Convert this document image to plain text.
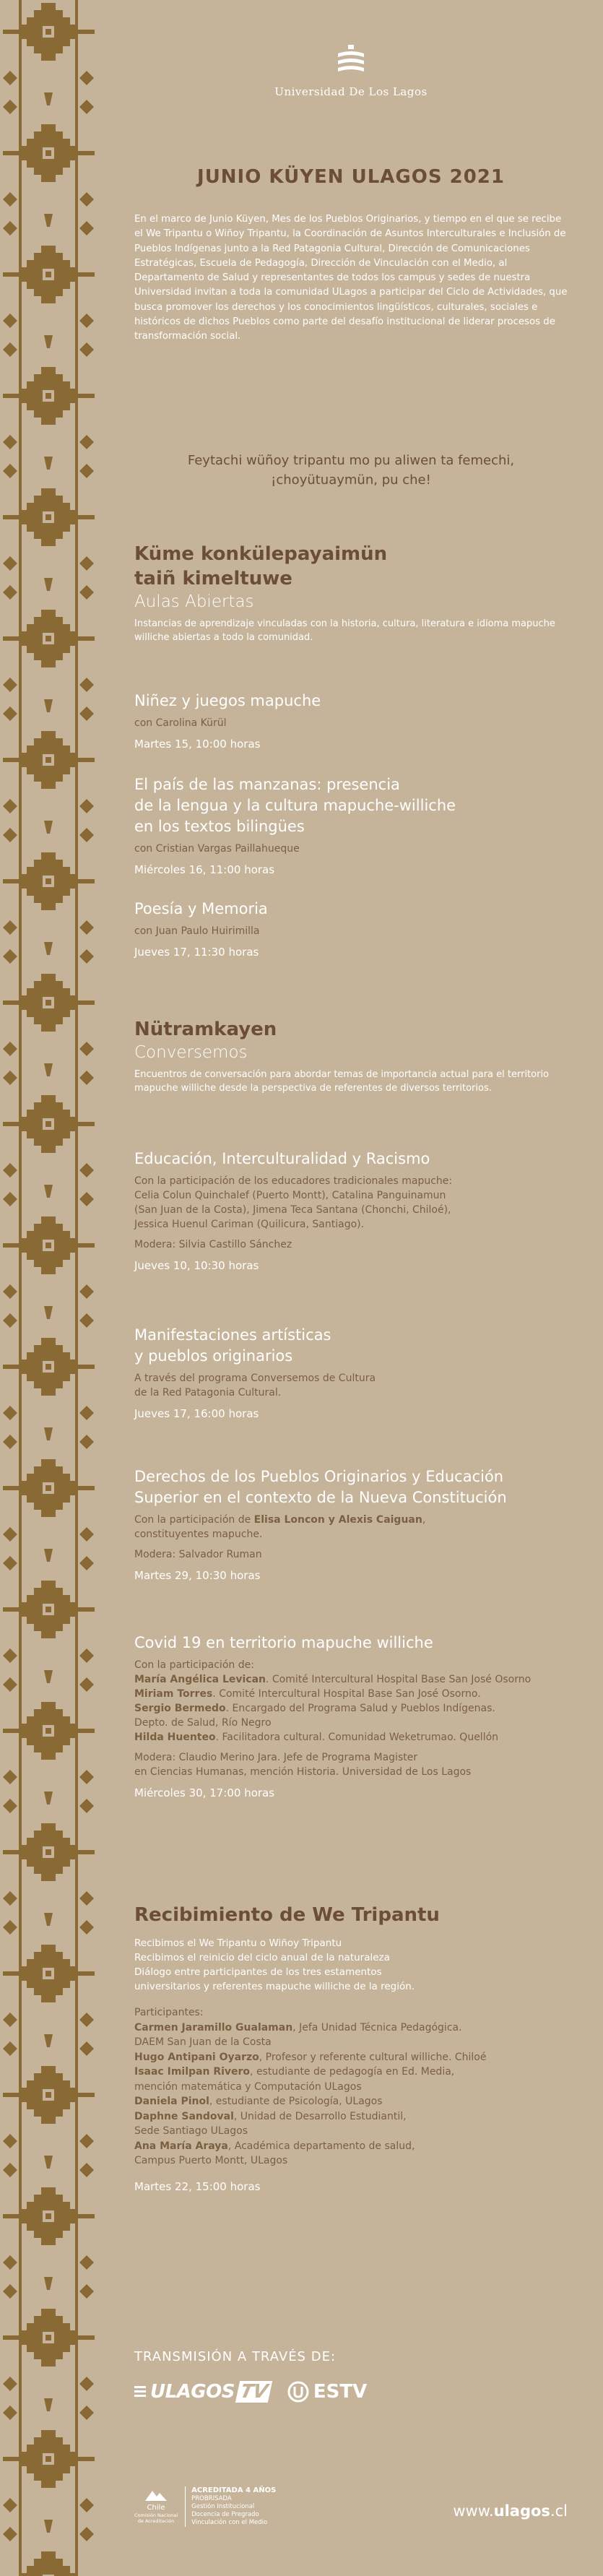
Universidad De Los Lagos
JUNIO KÜYEN ULAGOS 2021
En el marco de Junio Küyen, Mes de los Pueblos Originarios, y tiempo en el que se recibe el We Tripantu o Wiñoy Tripantu, la Coordinación de Asuntos Interculturales e Inclusión de Pueblos Indígenas junto a la Red Patagonia Cultural, Dirección de Comunicaciones Estratégicas, Escuela de Pedagogía, Dirección de Vinculación con el Medio, al Departamento de Salud y representantes de todos los campus y sedes de nuestra Universidad invitan a toda la comunidad ULagos a participar del Ciclo de Actividades, que busca promover los derechos y los conocimientos lingüísticos, culturales, sociales e históricos de dichos Pueblos como parte del desafío institucional de liderar procesos de transformación social.
Feytachi wüñoy tripantu mo pu aliwen ta femechi,
¡choyütuaymün, pu che!
Küme konkülepayaimün
taiñ kimeltuwe
Aulas Abiertas
Instancias de aprendizaje vinculadas con la historia, cultura, literatura e idioma mapuche williche abiertas a todo la comunidad.
Niñez y juegos mapuche
con Carolina Kürül
Martes 15, 10:00 horas
El país de las manzanas: presencia
de la lengua y la cultura mapuche-williche
en los textos bilingües
con Cristian Vargas Paillahueque
Miércoles 16, 11:00 horas
Poesía y Memoria
con Juan Paulo Huirimilla
Jueves 17, 11:30 horas
Nütramkayen
Conversemos
Encuentros de conversación para abordar temas de importancia actual para el territorio mapuche williche desde la perspectiva de referentes de diversos territorios.
Educación, Interculturalidad y Racismo
Con la participación de los educadores tradicionales mapuche:
Celia Colun Quinchalef (Puerto Montt), Catalina Panguinamun
(San Juan de la Costa), Jimena Teca Santana (Chonchi, Chiloé),
Jessica Huenul Cariman (Quilicura, Santiago).
Modera: Silvia Castillo Sánchez
Jueves 10, 10:30 horas
Manifestaciones artísticas
y pueblos originarios
A través del programa Conversemos de Cultura
de la Red Patagonia Cultural.
Jueves 17, 16:00 horas
Derechos de los Pueblos Originarios y Educación
Superior en el contexto de la Nueva Constitución
Con la participación de Elisa Loncon y Alexis Caiguan,
constituyentes mapuche.
Modera: Salvador Ruman
Martes 29, 10:30 horas
Covid 19 en territorio mapuche williche
Con la participación de:
María Angélica Levican. Comité Intercultural Hospital Base San José Osorno
Miriam Torres. Comité Intercultural Hospital Base San José Osorno.
Sergio Bermedo. Encargado del Programa Salud y Pueblos Indígenas.
Depto. de Salud, Río Negro
Hilda Huenteo. Facilitadora cultural. Comunidad Weketrumao. Quellón
Modera: Claudio Merino Jara. Jefe de Programa Magister
en Ciencias Humanas, mención Historia. Universidad de Los Lagos
Miércoles 30, 17:00 horas
Recibimiento de We Tripantu
Recibimos el We Tripantu o Wiñoy Tripantu
Recibimos el reinicio del ciclo anual de la naturaleza
Diálogo entre participantes de los tres estamentos
universitarios y referentes mapuche williche de la región.
Participantes:
Carmen Jaramillo Gualaman, Jefa Unidad Técnica Pedagógica.
DAEM San Juan de la Costa
Hugo Antipani Oyarzo, Profesor y referente cultural williche. Chiloé
Isaac Imilpan Rivero, estudiante de pedagogía en Ed. Media,
mención matemática y Computación ULagos
Daniela Pinol, estudiante de Psicología, ULagos
Daphne Sandoval, Unidad de Desarrollo Estudiantil,
Sede Santiago ULagos
Ana María Araya, Académica departamento de salud,
Campus Puerto Montt, ULagos
Martes 22, 15:00 horas
TRANSMISIÓN A TRAVÉS DE:
ULAGOS TV ESTV
Chile
Comisión Nacional
de Acreditación
ACREDITADA 4 AÑOS
PROBRISADA
Gestión Institucional
Docencia de Pregrado
Vinculación con el Medio
www.ulagos.cl
